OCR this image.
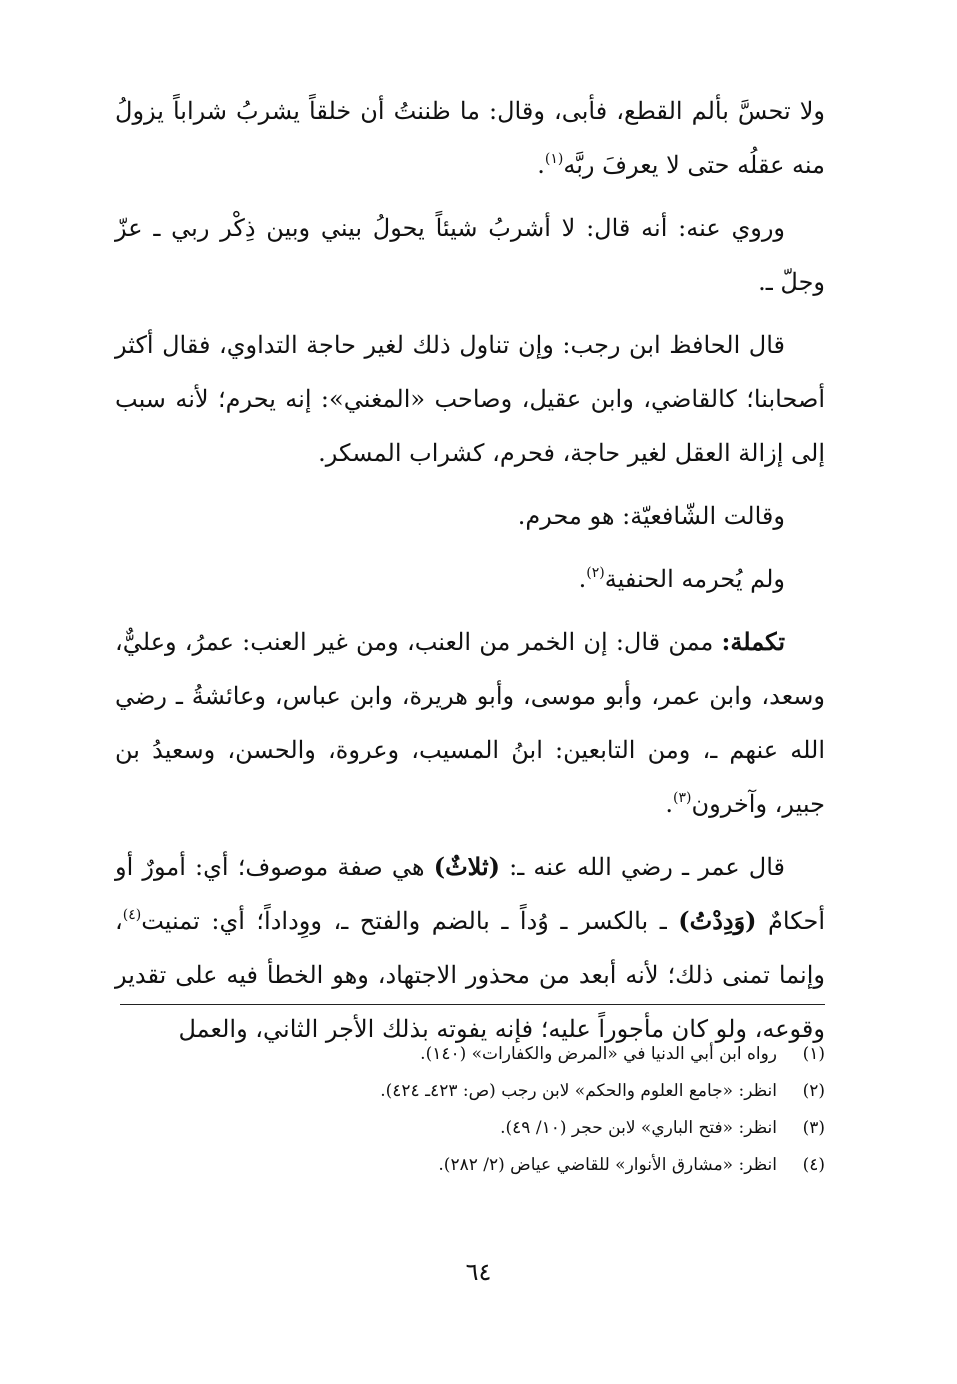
ولا تحسَّ بألم القطع، فأبى، وقال: ما ظننتُ أن خلقاً يشربُ شراباً يزولُ منه عقلُه حتى لا يعرفَ ربَّه$^{(١)}$.

وروي عنه: أنه قال: لا أشربُ شيئاً يحولُ بيني وبين ذِكْر ربي ـ عزّ وجلّ ـ.

قال الحافظ ابن رجب: وإن تناول ذلك لغير حاجة التداوي، فقال أكثر أصحابنا؛ كالقاضي، وابن عقيل، وصاحب «المغني»: إنه يحرم؛ لأنه سبب إلى إزالة العقل لغير حاجة، فحرم، كشراب المسكر.

وقالت الشّافعيّة: هو محرم.

ولم يُحرمه الحنفية$^{(٢)}$.

تكملة: ممن قال: إن الخمر من العنب، ومن غير العنب: عمرُ، وعليٌّ، وسعد، وابن عمر، وأبو موسى، وأبو هريرة، وابن عباس، وعائشةُ ـ رضي الله عنهم ـ، ومن التابعين: ابنُ المسيب، وعروة، والحسن، وسعيدُ بن جبير، وآخرون$^{(٣)}$.

قال عمر ـ رضي الله عنه ـ: (ثلاثٌ) هي صفة موصوف؛ أي: أمورٌ أو أحكامٌ (وَدِدْتُ) ـ بالكسر ـ وُداً ـ بالضم والفتح ـ، ووِداداً؛ أي: تمنيت$^{(٤)}$، وإنما تمنى ذلك؛ لأنه أبعد من محذور الاجتهاد، وهو الخطأ فيه على تقدير وقوعه، ولو كان مأجوراً عليه؛ فإنه يفوته بذلك الأجر الثاني، والعمل

(١)
رواه ابن أبي الدنيا في «المرض والكفارات» (١٤٠).
(٢)
انظر: «جامع العلوم والحكم» لابن رجب (ص: ٤٢٣ـ ٤٢٤).
(٣)
انظر: «فتح الباري» لابن حجر (١٠/ ٤٩).
(٤)
انظر: «مشارق الأنوار» للقاضي عياض (٢/ ٢٨٢).
٦٤
